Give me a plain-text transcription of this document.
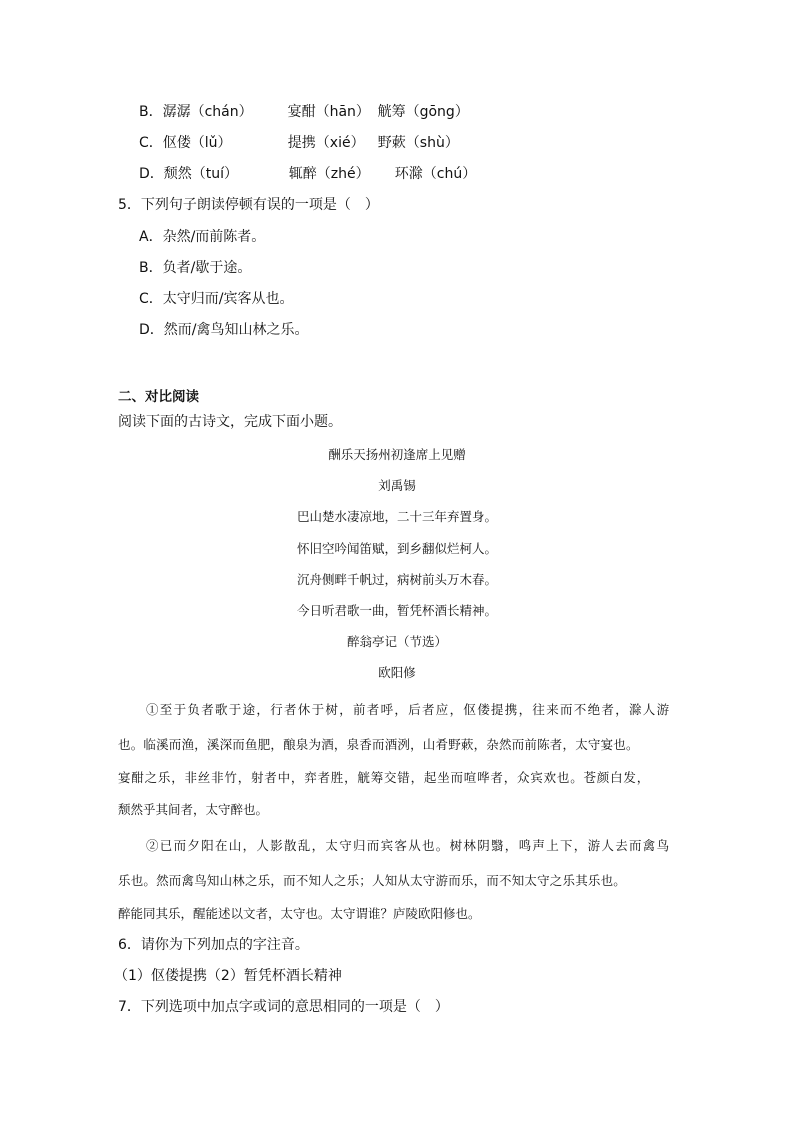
B．潺潺（chán） 宴酣（hān） 觥筹（gōng）
C．伛偻（lǔ）	提携（xié） 野蔌（shù）
D．颓然（tuí）	辄醉（zhé） 环滁（chú）
5．下列句子朗读停顿有误的一项是（　）
A．杂然/而前陈者。
B．负者/歇于途。
C．太守归而/宾客从也。
D．然而/禽鸟知山林之乐。
二、对比阅读
阅读下面的古诗文，完成下面小题。
酬乐天扬州初逢席上见赠
刘禹锡
巴山楚水凄凉地，二十三年弃置身。
怀旧空吟闻笛赋，到乡翻似烂柯人。
沉舟侧畔千帆过，病树前头万木春。
今日听君歌一曲，暂凭杯酒长精神。
醉翁亭记（节选）
欧阳修
①至于负者歌于途，行者休于树，前者呼，后者应，伛偻提携，往来而不绝者，滁人游
也。临溪而渔，溪深而鱼肥，酿泉为酒，泉香而酒洌，山肴野蔌，杂然而前陈者，太守宴也。
宴酣之乐，非丝非竹，射者中，弈者胜，觥筹交错，起坐而喧哗者，众宾欢也。苍颜白发，
颓然乎其间者，太守醉也。
②已而夕阳在山，人影散乱，太守归而宾客从也。树林阴翳，鸣声上下，游人去而禽鸟
乐也。然而禽鸟知山林之乐，而不知人之乐；人知从太守游而乐，而不知太守之乐其乐也。
醉能同其乐，醒能述以文者，太守也。太守谓谁？庐陵欧阳修也。
6．请你为下列加点的字注音。
（1）伛偻提携（2）暂凭杯酒长精神
7．下列选项中加点字或词的意思相同的一项是（　）
